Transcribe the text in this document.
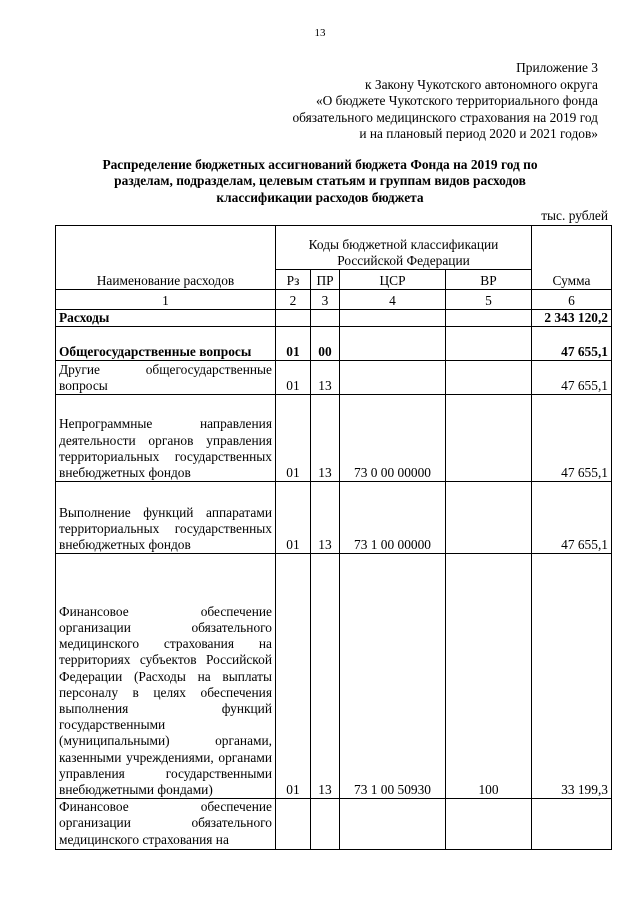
13
Приложение 3
к Закону Чукотского автономного округа
«О бюджете Чукотского территориального фонда
обязательного медицинского страхования на 2019 год
и на плановый период 2020 и 2021 годов»
Распределение бюджетных ассигнований бюджета Фонда на 2019 год по
разделам, подразделам, целевым статьям и группам видов расходов
классификации расходов бюджета
тыс. рублей
Наименование расходов	Коды бюджетной классификации Российской Федерации				Сумма
	Рз	ПР	ЦСР	ВР	
1	2	3	4	5	6
Расходы					2 343 120,2
Общегосударственные вопросы	01	00			47 655,1
Другие общегосударственные вопросы	01	13			47 655,1
Непрограммные направления деятельности органов управления территориальных государственных внебюджетных фондов	01	13	73 0 00 00000		47 655,1
Выполнение функций аппаратами территориальных государственных внебюджетных фондов	01	13	73 1 00 00000		47 655,1
Финансовое обеспечение организации обязательного медицинского страхования на территориях субъектов Российской Федерации (Расходы на выплаты персоналу в целях обеспечения выполнения функций государственными (муниципальными) органами, казенными учреждениями, органами управления государственными внебюджетными фондами)	01	13	73 1 00 50930	100	33 199,3
Финансовое обеспечение организации обязательного медицинского страхования на					
